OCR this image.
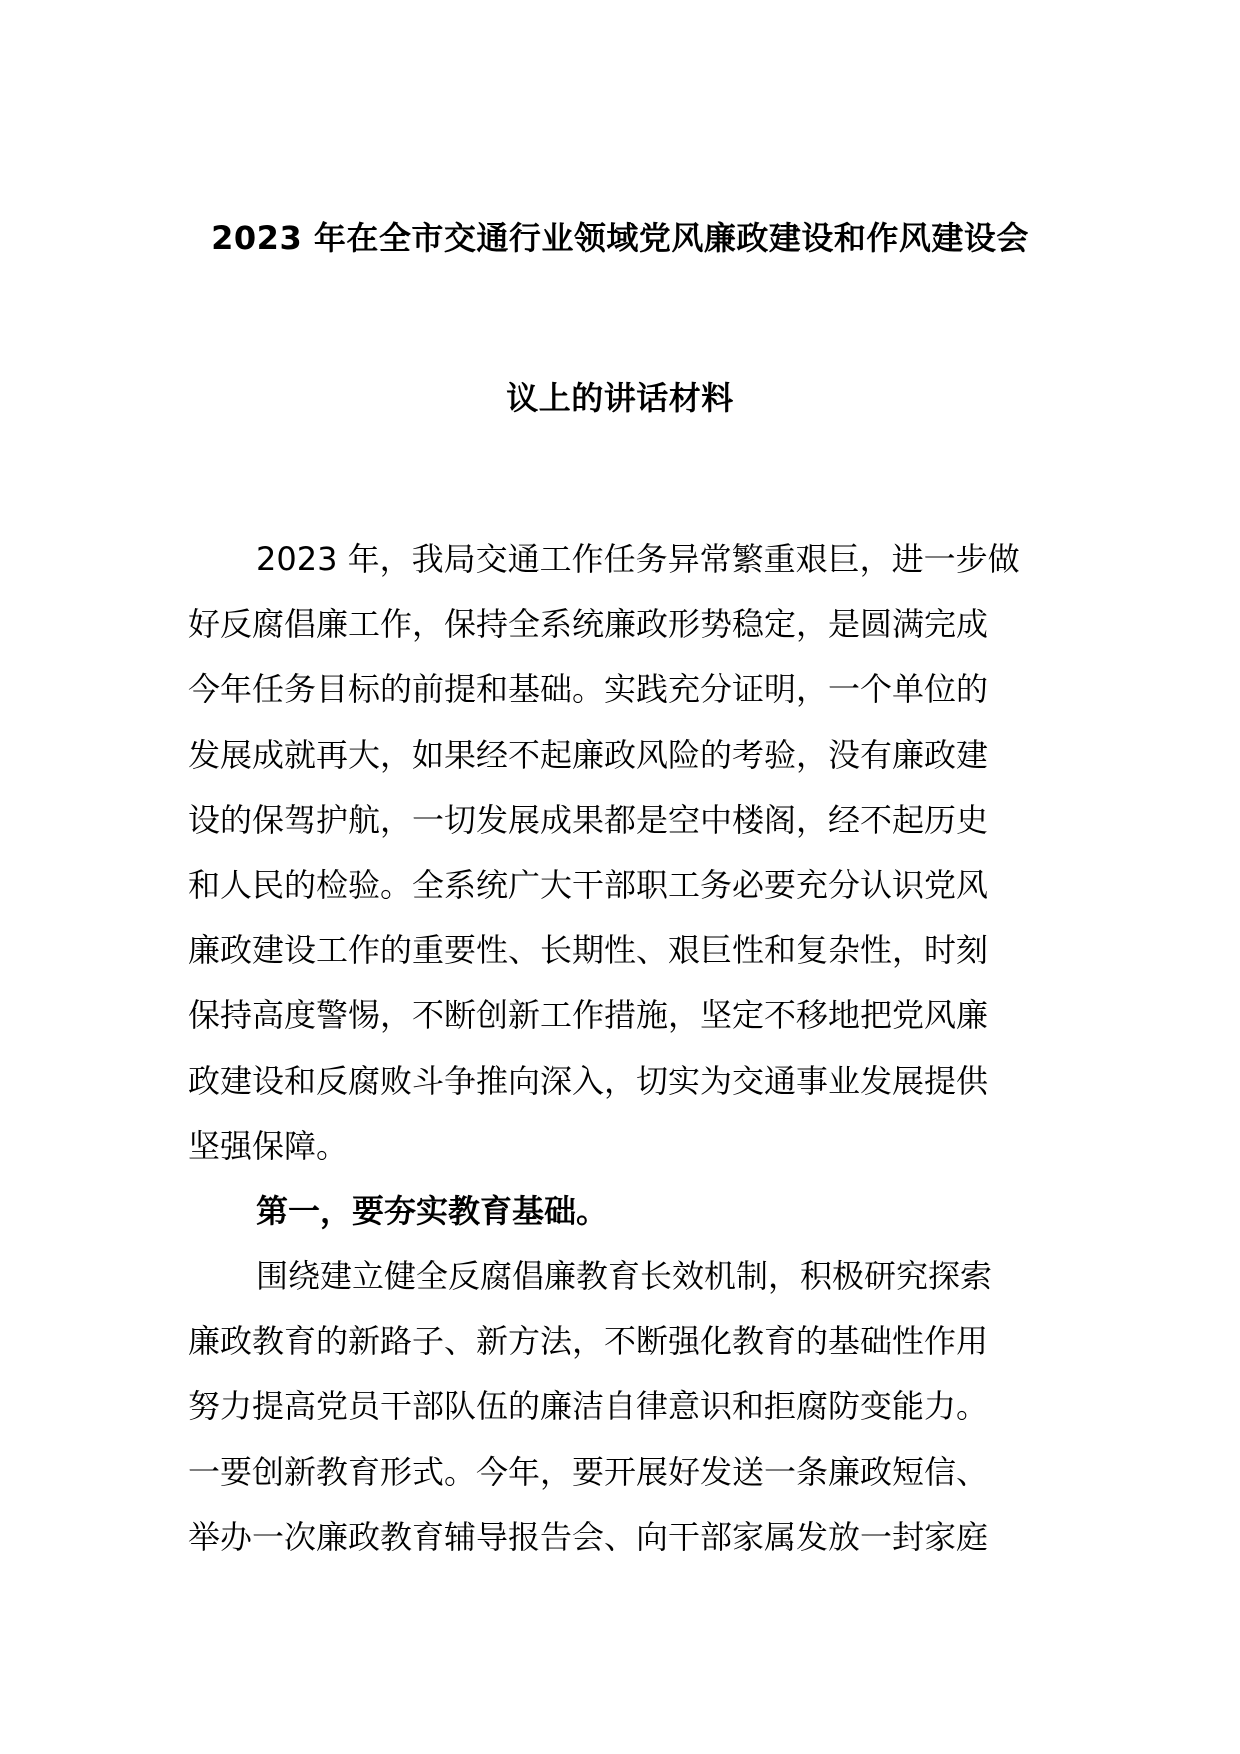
2023 年在全市交通行业领域党风廉政建设和作风建设会
议上的讲话材料
2023 年，我局交通工作任务异常繁重艰巨，进一步做
好反腐倡廉工作，保持全系统廉政形势稳定，是圆满完成
今年任务目标的前提和基础。实践充分证明，一个单位的
发展成就再大，如果经不起廉政风险的考验，没有廉政建
设的保驾护航，一切发展成果都是空中楼阁，经不起历史
和人民的检验。全系统广大干部职工务必要充分认识党风
廉政建设工作的重要性、长期性、艰巨性和复杂性，时刻
保持高度警惕，不断创新工作措施，坚定不移地把党风廉
政建设和反腐败斗争推向深入，切实为交通事业发展提供
坚强保障。
第一，要夯实教育基础。
围绕建立健全反腐倡廉教育长效机制，积极研究探索
廉政教育的新路子、新方法，不断强化教育的基础性作用
努力提高党员干部队伍的廉洁自律意识和拒腐防变能力。
一要创新教育形式。今年，要开展好发送一条廉政短信、
举办一次廉政教育辅导报告会、向干部家属发放一封家庭
